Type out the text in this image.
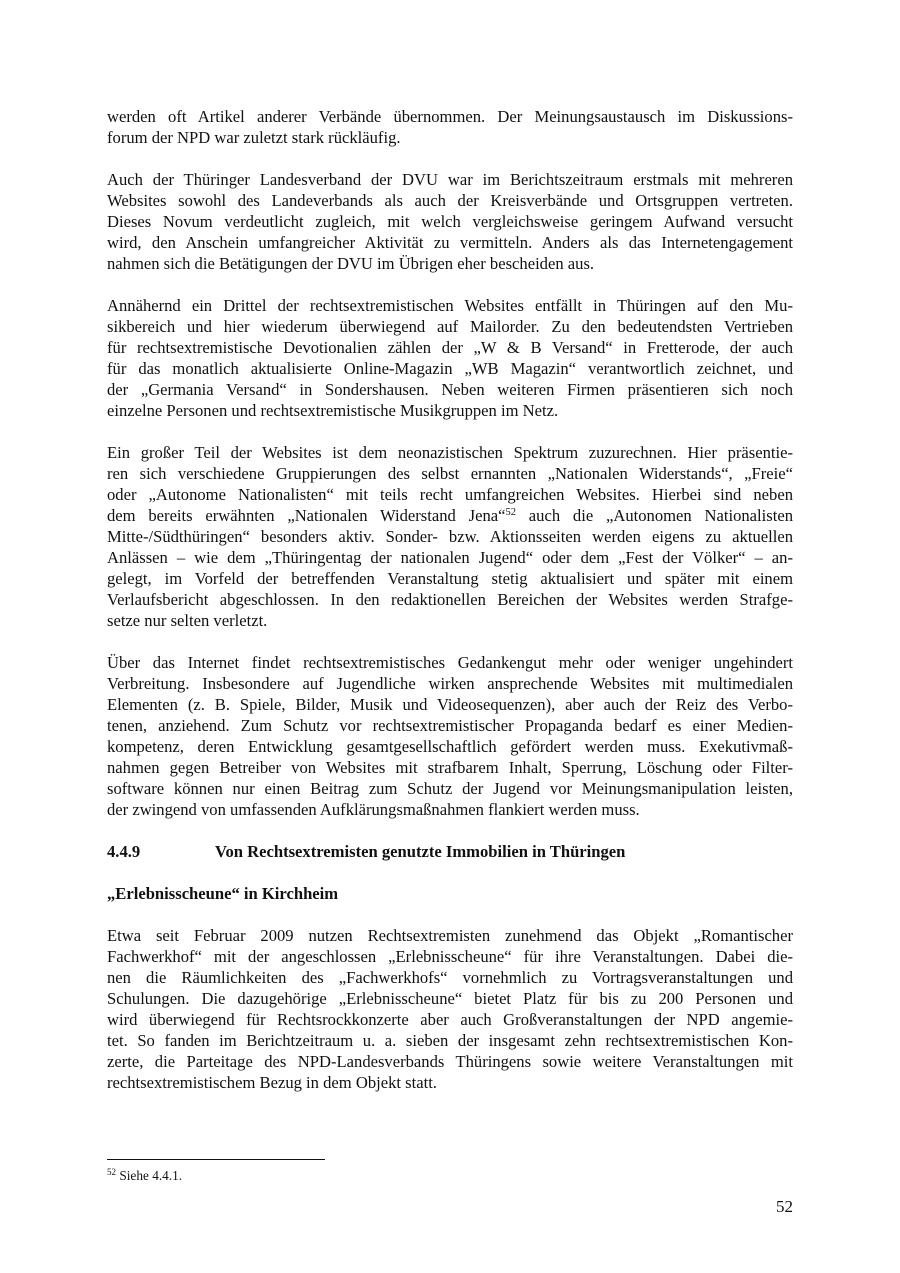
werden oft Artikel anderer Verbände übernommen. Der Meinungsaustausch im Diskussions-
forum der NPD war zuletzt stark rückläufig.

Auch der Thüringer Landesverband der DVU war im Berichtszeitraum erstmals mit mehreren
Websites sowohl des Landeverbands als auch der Kreisverbände und Ortsgruppen vertreten.
Dieses Novum verdeutlicht zugleich, mit welch vergleichsweise geringem Aufwand versucht
wird, den Anschein umfangreicher Aktivität zu vermitteln. Anders als das Internetengagement
nahmen sich die Betätigungen der DVU im Übrigen eher bescheiden aus.

Annähernd ein Drittel der rechtsextremistischen Websites entfällt in Thüringen auf den Mu-
sikbereich und hier wiederum überwiegend auf Mailorder. Zu den bedeutendsten Vertrieben
für rechtsextremistische Devotionalien zählen der „W & B Versand“ in Fretterode, der auch
für das monatlich aktualisierte Online-Magazin „WB Magazin“ verantwortlich zeichnet, und
der „Germania Versand“ in Sondershausen. Neben weiteren Firmen präsentieren sich noch
einzelne Personen und rechtsextremistische Musikgruppen im Netz.

Ein großer Teil der Websites ist dem neonazistischen Spektrum zuzurechnen. Hier präsentie-
ren sich verschiedene Gruppierungen des selbst ernannten „Nationalen Widerstands“, „Freie“
oder „Autonome Nationalisten“ mit teils recht umfangreichen Websites. Hierbei sind neben
dem bereits erwähnten „Nationalen Widerstand Jena“$^{52}$ auch die „Autonomen Nationalisten
Mitte-/Südthüringen“ besonders aktiv. Sonder- bzw. Aktionsseiten werden eigens zu aktuellen
Anlässen – wie dem „Thüringentag der nationalen Jugend“ oder dem „Fest der Völker“ – an-
gelegt, im Vorfeld der betreffenden Veranstaltung stetig aktualisiert und später mit einem
Verlaufsbericht abgeschlossen. In den redaktionellen Bereichen der Websites werden Strafge-
setze nur selten verletzt.

Über das Internet findet rechtsextremistisches Gedankengut mehr oder weniger ungehindert
Verbreitung. Insbesondere auf Jugendliche wirken ansprechende Websites mit multimedialen
Elementen (z. B. Spiele, Bilder, Musik und Videosequenzen), aber auch der Reiz des Verbo-
tenen, anziehend. Zum Schutz vor rechtsextremistischer Propaganda bedarf es einer Medien-
kompetenz, deren Entwicklung gesamtgesellschaftlich gefördert werden muss. Exekutivmaß-
nahmen gegen Betreiber von Websites mit strafbarem Inhalt, Sperrung, Löschung oder Filter-
software können nur einen Beitrag zum Schutz der Jugend vor Meinungsmanipulation leisten,
der zwingend von umfassenden Aufklärungsmaßnahmen flankiert werden muss.

4.4.9	Von Rechtsextremisten genutzte Immobilien in Thüringen
„Erlebnisscheune“ in Kirchheim

Etwa seit Februar 2009 nutzen Rechtsextremisten zunehmend das Objekt „Romantischer
Fachwerkhof“ mit der angeschlossen „Erlebnisscheune“ für ihre Veranstaltungen. Dabei die-
nen die Räumlichkeiten des „Fachwerkhofs“ vornehmlich zu Vortragsveranstaltungen und
Schulungen. Die dazugehörige „Erlebnisscheune“ bietet Platz für bis zu 200 Personen und
wird überwiegend für Rechtsrockkonzerte aber auch Großveranstaltungen der NPD angemie-
tet. So fanden im Berichtzeitraum u. a. sieben der insgesamt zehn rechtsextremistischen Kon-
zerte, die Parteitage des NPD-Landesverbands Thüringens sowie weitere Veranstaltungen mit
rechtsextremistischem Bezug in dem Objekt statt.

$^{52}$ Siehe 4.4.1.
52
